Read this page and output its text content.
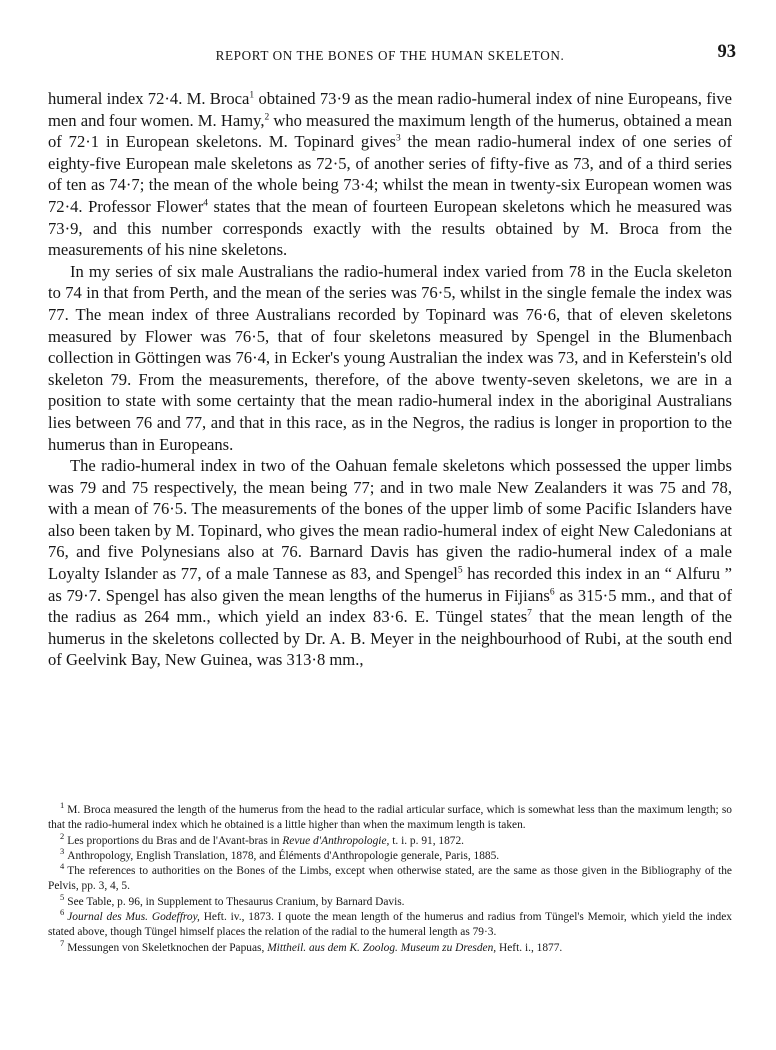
REPORT ON THE BONES OF THE HUMAN SKELETON.	93

humeral index 72·4. M. Broca$^1$ obtained 73·9 as the mean radio-humeral index of nine Europeans, five men and four women. M. Hamy,$^2$ who measured the maximum length of the humerus, obtained a mean of 72·1 in European skeletons. M. Topinard gives$^3$ the mean radio-humeral index of one series of eighty-five European male skeletons as 72·5, of another series of fifty-five as 73, and of a third series of ten as 74·7; the mean of the whole being 73·4; whilst the mean in twenty-six European women was 72·4. Professor Flower$^4$ states that the mean of fourteen European skeletons which he measured was 73·9, and this number corresponds exactly with the results obtained by M. Broca from the measurements of his nine skeletons.

In my series of six male Australians the radio-humeral index varied from 78 in the Eucla skeleton to 74 in that from Perth, and the mean of the series was 76·5, whilst in the single female the index was 77. The mean index of three Australians recorded by Topinard was 76·6, that of eleven skeletons measured by Flower was 76·5, that of four skeletons measured by Spengel in the Blumenbach collection in Göttingen was 76·4, in Ecker's young Australian the index was 73, and in Keferstein's old skeleton 79. From the measurements, therefore, of the above twenty-seven skeletons, we are in a position to state with some certainty that the mean radio-humeral index in the aboriginal Australians lies between 76 and 77, and that in this race, as in the Negros, the radius is longer in proportion to the humerus than in Europeans.

The radio-humeral index in two of the Oahuan female skeletons which possessed the upper limbs was 79 and 75 respectively, the mean being 77; and in two male New Zealanders it was 75 and 78, with a mean of 76·5. The measurements of the bones of the upper limb of some Pacific Islanders have also been taken by M. Topinard, who gives the mean radio-humeral index of eight New Caledonians at 76, and five Polynesians also at 76. Barnard Davis has given the radio-humeral index of a male Loyalty Islander as 77, of a male Tannese as 83, and Spengel$^5$ has recorded this index in an “ Alfuru ” as 79·7. Spengel has also given the mean lengths of the humerus in Fijians$^6$ as 315·5 mm., and that of the radius as 264 mm., which yield an index 83·6. E. Tüngel states$^7$ that the mean length of the humerus in the skeletons collected by Dr. A. B. Meyer in the neighbourhood of Rubi, at the south end of Geelvink Bay, New Guinea, was 313·8 mm.,

$^1$ M. Broca measured the length of the humerus from the head to the radial articular surface, which is somewhat less than the maximum length; so that the radio-humeral index which he obtained is a little higher than when the maximum length is taken.

$^2$ Les proportions du Bras and de l'Avant-bras in Revue d'Anthropologie, t. i. p. 91, 1872.

$^3$ Anthropology, English Translation, 1878, and Éléments d'Anthropologie generale, Paris, 1885.

$^4$ The references to authorities on the Bones of the Limbs, except when otherwise stated, are the same as those given in the Bibliography of the Pelvis, pp. 3, 4, 5.

$^5$ See Table, p. 96, in Supplement to Thesaurus Cranium, by Barnard Davis.

$^6$ Journal des Mus. Godeffroy, Heft. iv., 1873. I quote the mean length of the humerus and radius from Tüngel's Memoir, which yield the index stated above, though Tüngel himself places the relation of the radial to the humeral length as 79·3.

$^7$ Messungen von Skeletknochen der Papuas, Mittheil. aus dem K. Zoolog. Museum zu Dresden, Heft. i., 1877.
